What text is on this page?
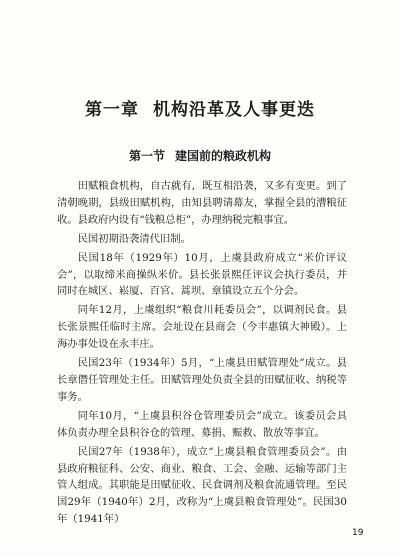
第一章 机构沿革及人事更迭
第一节 建国前的粮政机构

田赋粮食机构，自古就有，既互相沿袭，又多有变更。到了清朝晚期，县级田赋机构，由知县聘请幕友，掌握全县的漕粮征收。县政府内设有“钱粮总柜”，办理纳税完粮事宜。

民国初期沿袭清代旧制。

民国18年（1929年）10月，上虞县政府成立“米价评议会”，以取缔米商操纵米价。县长张景熙任评议会执行委员，并同时在城区、崧厦、百官、蒿坝、章镇设立五个分会。

同年12月，上虞组织“粮食川耗委员会”，以调剂民食。县长张景熙任临时主席。会址设在县商会（今丰惠镇大神殿）。上海办事处设在永丰庄。

民国23年（1934年）5月，“上虞县田赋管理处”成立。县长章僭任管理处主任。田赋管理处负责全县的田赋征收、纳税等事务。

同年10月，“上虞县积谷仓管理委员会”成立。该委员会具体负责办理全县积谷仓的管理、募捐、赈救、散放等事宜。

民国27年（1938年），成立“上虞县粮食管理委员会”。由县政府粮征科、公安、商业、粮食、工会、金融、运输等部门主管人组成。其职能是田赋征收、民食调剂及粮食流通管理。至民国29年（1940年）2月，改称为“上虞县粮食管理处”。民国30年（1941年）

19
